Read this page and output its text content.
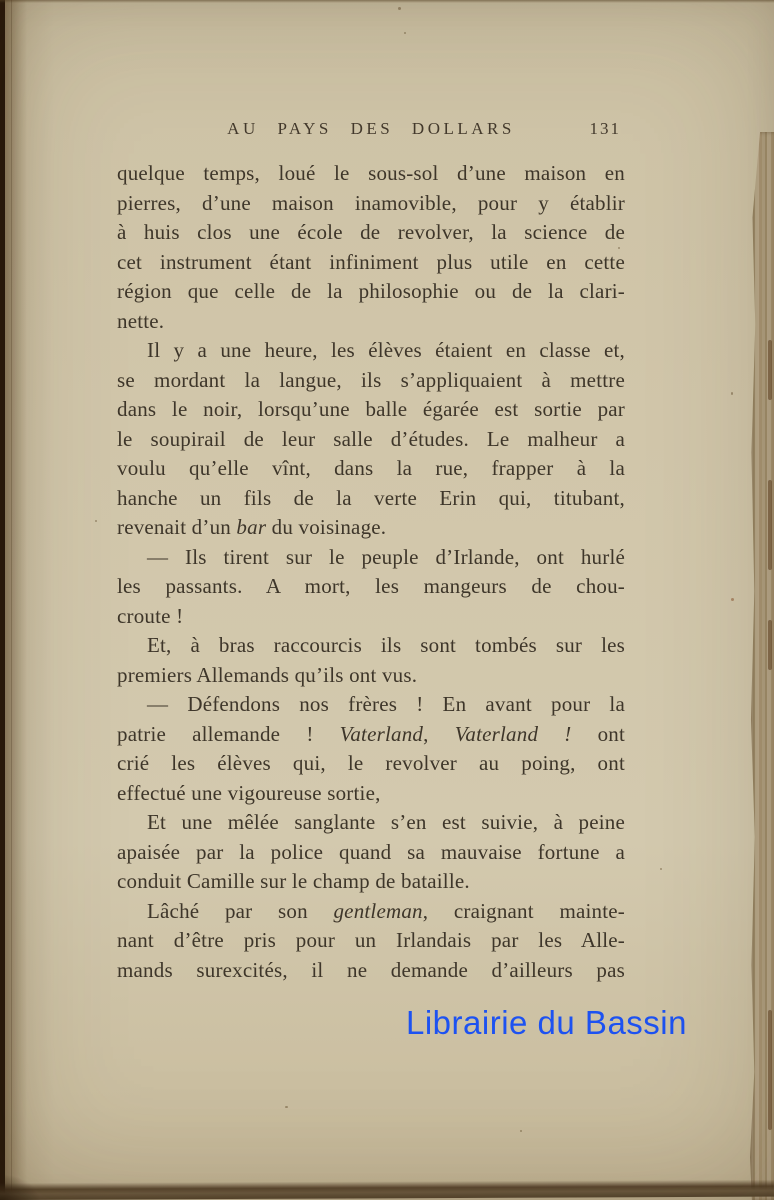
AU PAYS DES DOLLARS	131
quelque temps, loué le sous-sol d’une maison en
pierres, d’une maison inamovible, pour y établir
à huis clos une école de revolver, la science de
cet instrument étant infiniment plus utile en cette
région que celle de la philosophie ou de la clari-
nette.
Il y a une heure, les élèves étaient en classe et,
se mordant la langue, ils s’appliquaient à mettre
dans le noir, lorsqu’une balle égarée est sortie par
le soupirail de leur salle d’études. Le malheur a
voulu qu’elle vînt, dans la rue, frapper à la
hanche un fils de la verte Erin qui, titubant,
revenait d’un bar du voisinage.
— Ils tirent sur le peuple d’Irlande, ont hurlé
les passants. A mort, les mangeurs de chou-
croute !
Et, à bras raccourcis ils sont tombés sur les
premiers Allemands qu’ils ont vus.
— Défendons nos frères ! En avant pour la
patrie allemande ! Vaterland, Vaterland ! ont
crié les élèves qui, le revolver au poing, ont
effectué une vigoureuse sortie,
Et une mêlée sanglante s’en est suivie, à peine
apaisée par la police quand sa mauvaise fortune a
conduit Camille sur le champ de bataille.
Lâché par son gentleman, craignant mainte-
nant d’être pris pour un Irlandais par les Alle-
mands surexcités, il ne demande d’ailleurs pas
Librairie du Bassin
